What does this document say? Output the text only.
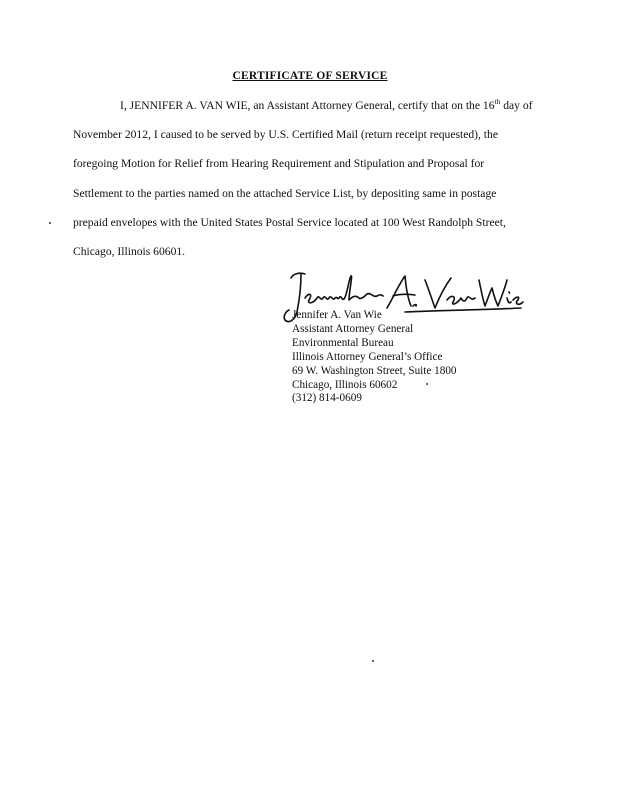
CERTIFICATE OF SERVICE
I, JENNIFER A. VAN WIE, an Assistant Attorney General, certify that on the 16th day of
November 2012, I caused to be served by U.S. Certified Mail (return receipt requested), the
foregoing Motion for Relief from Hearing Requirement and Stipulation and Proposal for
Settlement to the parties named on the attached Service List, by depositing same in postage
prepaid envelopes with the United States Postal Service located at 100 West Randolph Street,
Chicago, Illinois 60601.
Jennifer A. Van Wie
Assistant Attorney General
Environmental Bureau
Illinois Attorney General’s Office
69 W. Washington Street, Suite 1800
Chicago, Illinois 60602
(312) 814-0609
